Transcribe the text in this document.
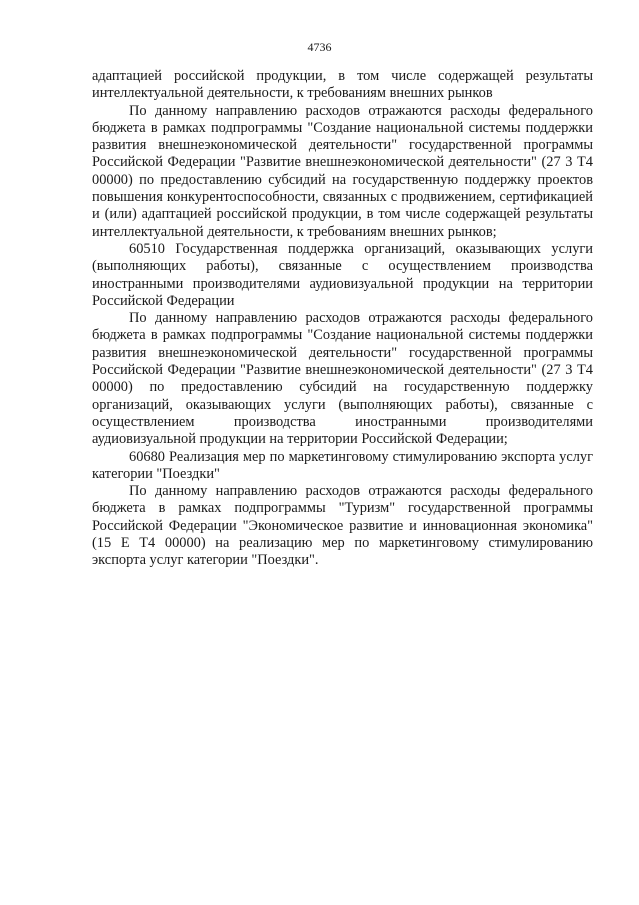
4736

адаптацией российской продукции, в том числе содержащей результаты интеллектуальной деятельности, к требованиям внешних рынков

По данному направлению расходов отражаются расходы федерального бюджета в рамках подпрограммы "Создание национальной системы поддержки развития внешнеэкономической деятельности" государственной программы Российской Федерации "Развитие внешнеэкономической деятельности" (27 3 Т4 00000) по предоставлению субсидий на государственную поддержку проектов повышения конкурентоспособности, связанных с продвижением, сертификацией и (или) адаптацией российской продукции, в том числе содержащей результаты интеллектуальной деятельности, к требованиям внешних рынков;

60510 Государственная поддержка организаций, оказывающих услуги (выполняющих работы), связанные с осуществлением производства иностранными производителями аудиовизуальной продукции на территории Российской Федерации

По данному направлению расходов отражаются расходы федерального бюджета в рамках подпрограммы "Создание национальной системы поддержки развития внешнеэкономической деятельности" государственной программы Российской Федерации "Развитие внешнеэкономической деятельности" (27 3 Т4 00000) по предоставлению субсидий на государственную поддержку организаций, оказывающих услуги (выполняющих работы), связанные с осуществлением производства иностранными производителями аудиовизуальной продукции на территории Российской Федерации;

60680 Реализация мер по маркетинговому стимулированию экспорта услуг категории "Поездки"

По данному направлению расходов отражаются расходы федерального бюджета в рамках подпрограммы "Туризм" государственной программы Российской Федерации "Экономическое развитие и инновационная экономика" (15 Е Т4 00000) на реализацию мер по маркетинговому стимулированию экспорта услуг категории "Поездки".
